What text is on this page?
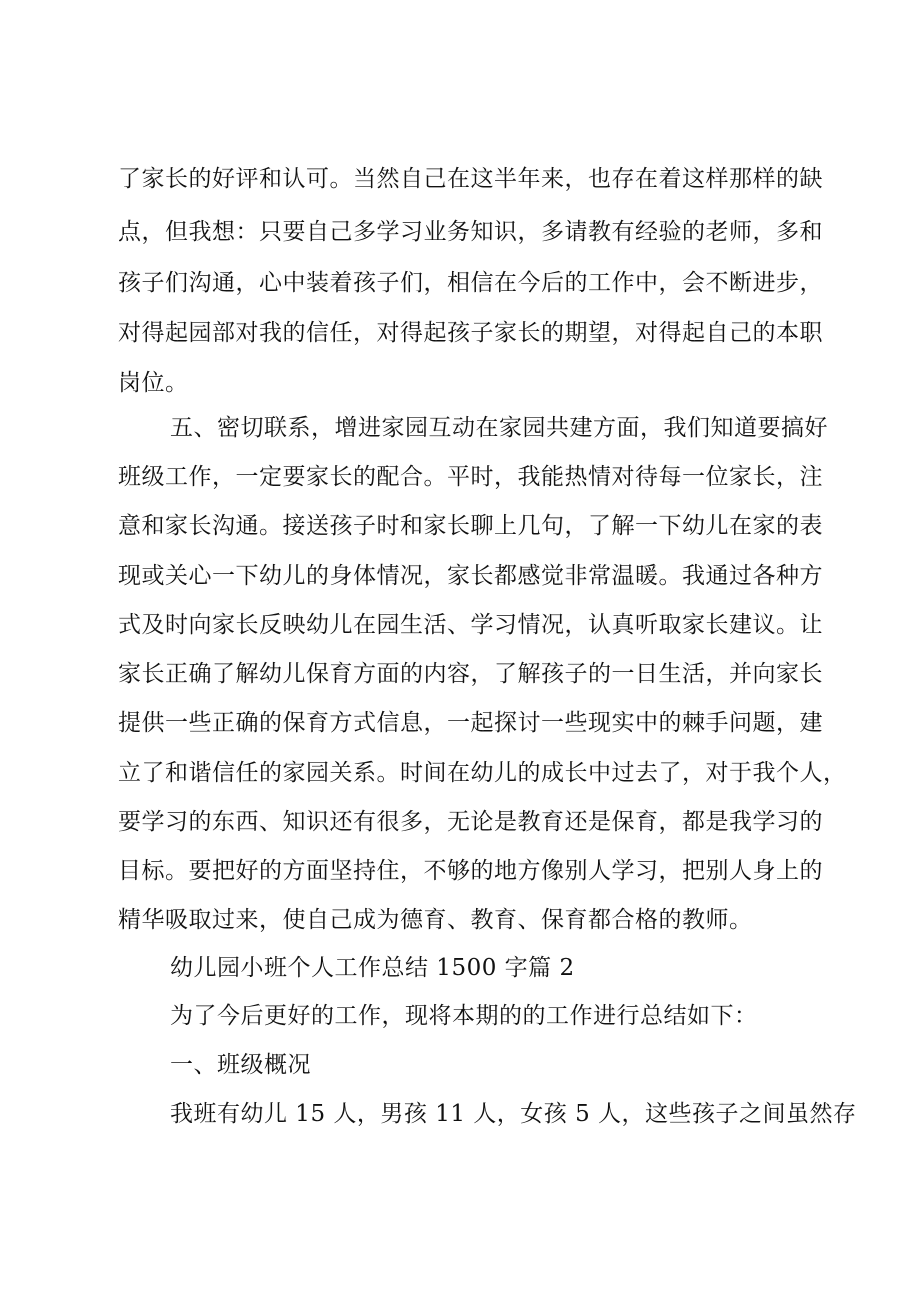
了家长的好评和认可。当然自己在这半年来，也存在着这样那样的缺
点，但我想：只要自己多学习业务知识，多请教有经验的老师，多和
孩子们沟通，心中装着孩子们，相信在今后的工作中，会不断进步，
对得起园部对我的信任，对得起孩子家长的期望，对得起自己的本职
岗位。
五、密切联系，增进家园互动在家园共建方面，我们知道要搞好
班级工作，一定要家长的配合。平时，我能热情对待每一位家长，注
意和家长沟通。接送孩子时和家长聊上几句，了解一下幼儿在家的表
现或关心一下幼儿的身体情况，家长都感觉非常温暖。我通过各种方
式及时向家长反映幼儿在园生活、学习情况，认真听取家长建议。让
家长正确了解幼儿保育方面的内容，了解孩子的一日生活，并向家长
提供一些正确的保育方式信息，一起探讨一些现实中的棘手问题，建
立了和谐信任的家园关系。时间在幼儿的成长中过去了，对于我个人，
要学习的东西、知识还有很多，无论是教育还是保育，都是我学习的
目标。要把好的方面坚持住，不够的地方像别人学习，把别人身上的
精华吸取过来，使自己成为德育、教育、保育都合格的教师。
幼儿园小班个人工作总结 1500 字篇 2
为了今后更好的工作，现将本期的的工作进行总结如下：
一、班级概况
我班有幼儿 15 人，男孩 11 人，女孩 5 人，这些孩子之间虽然存
